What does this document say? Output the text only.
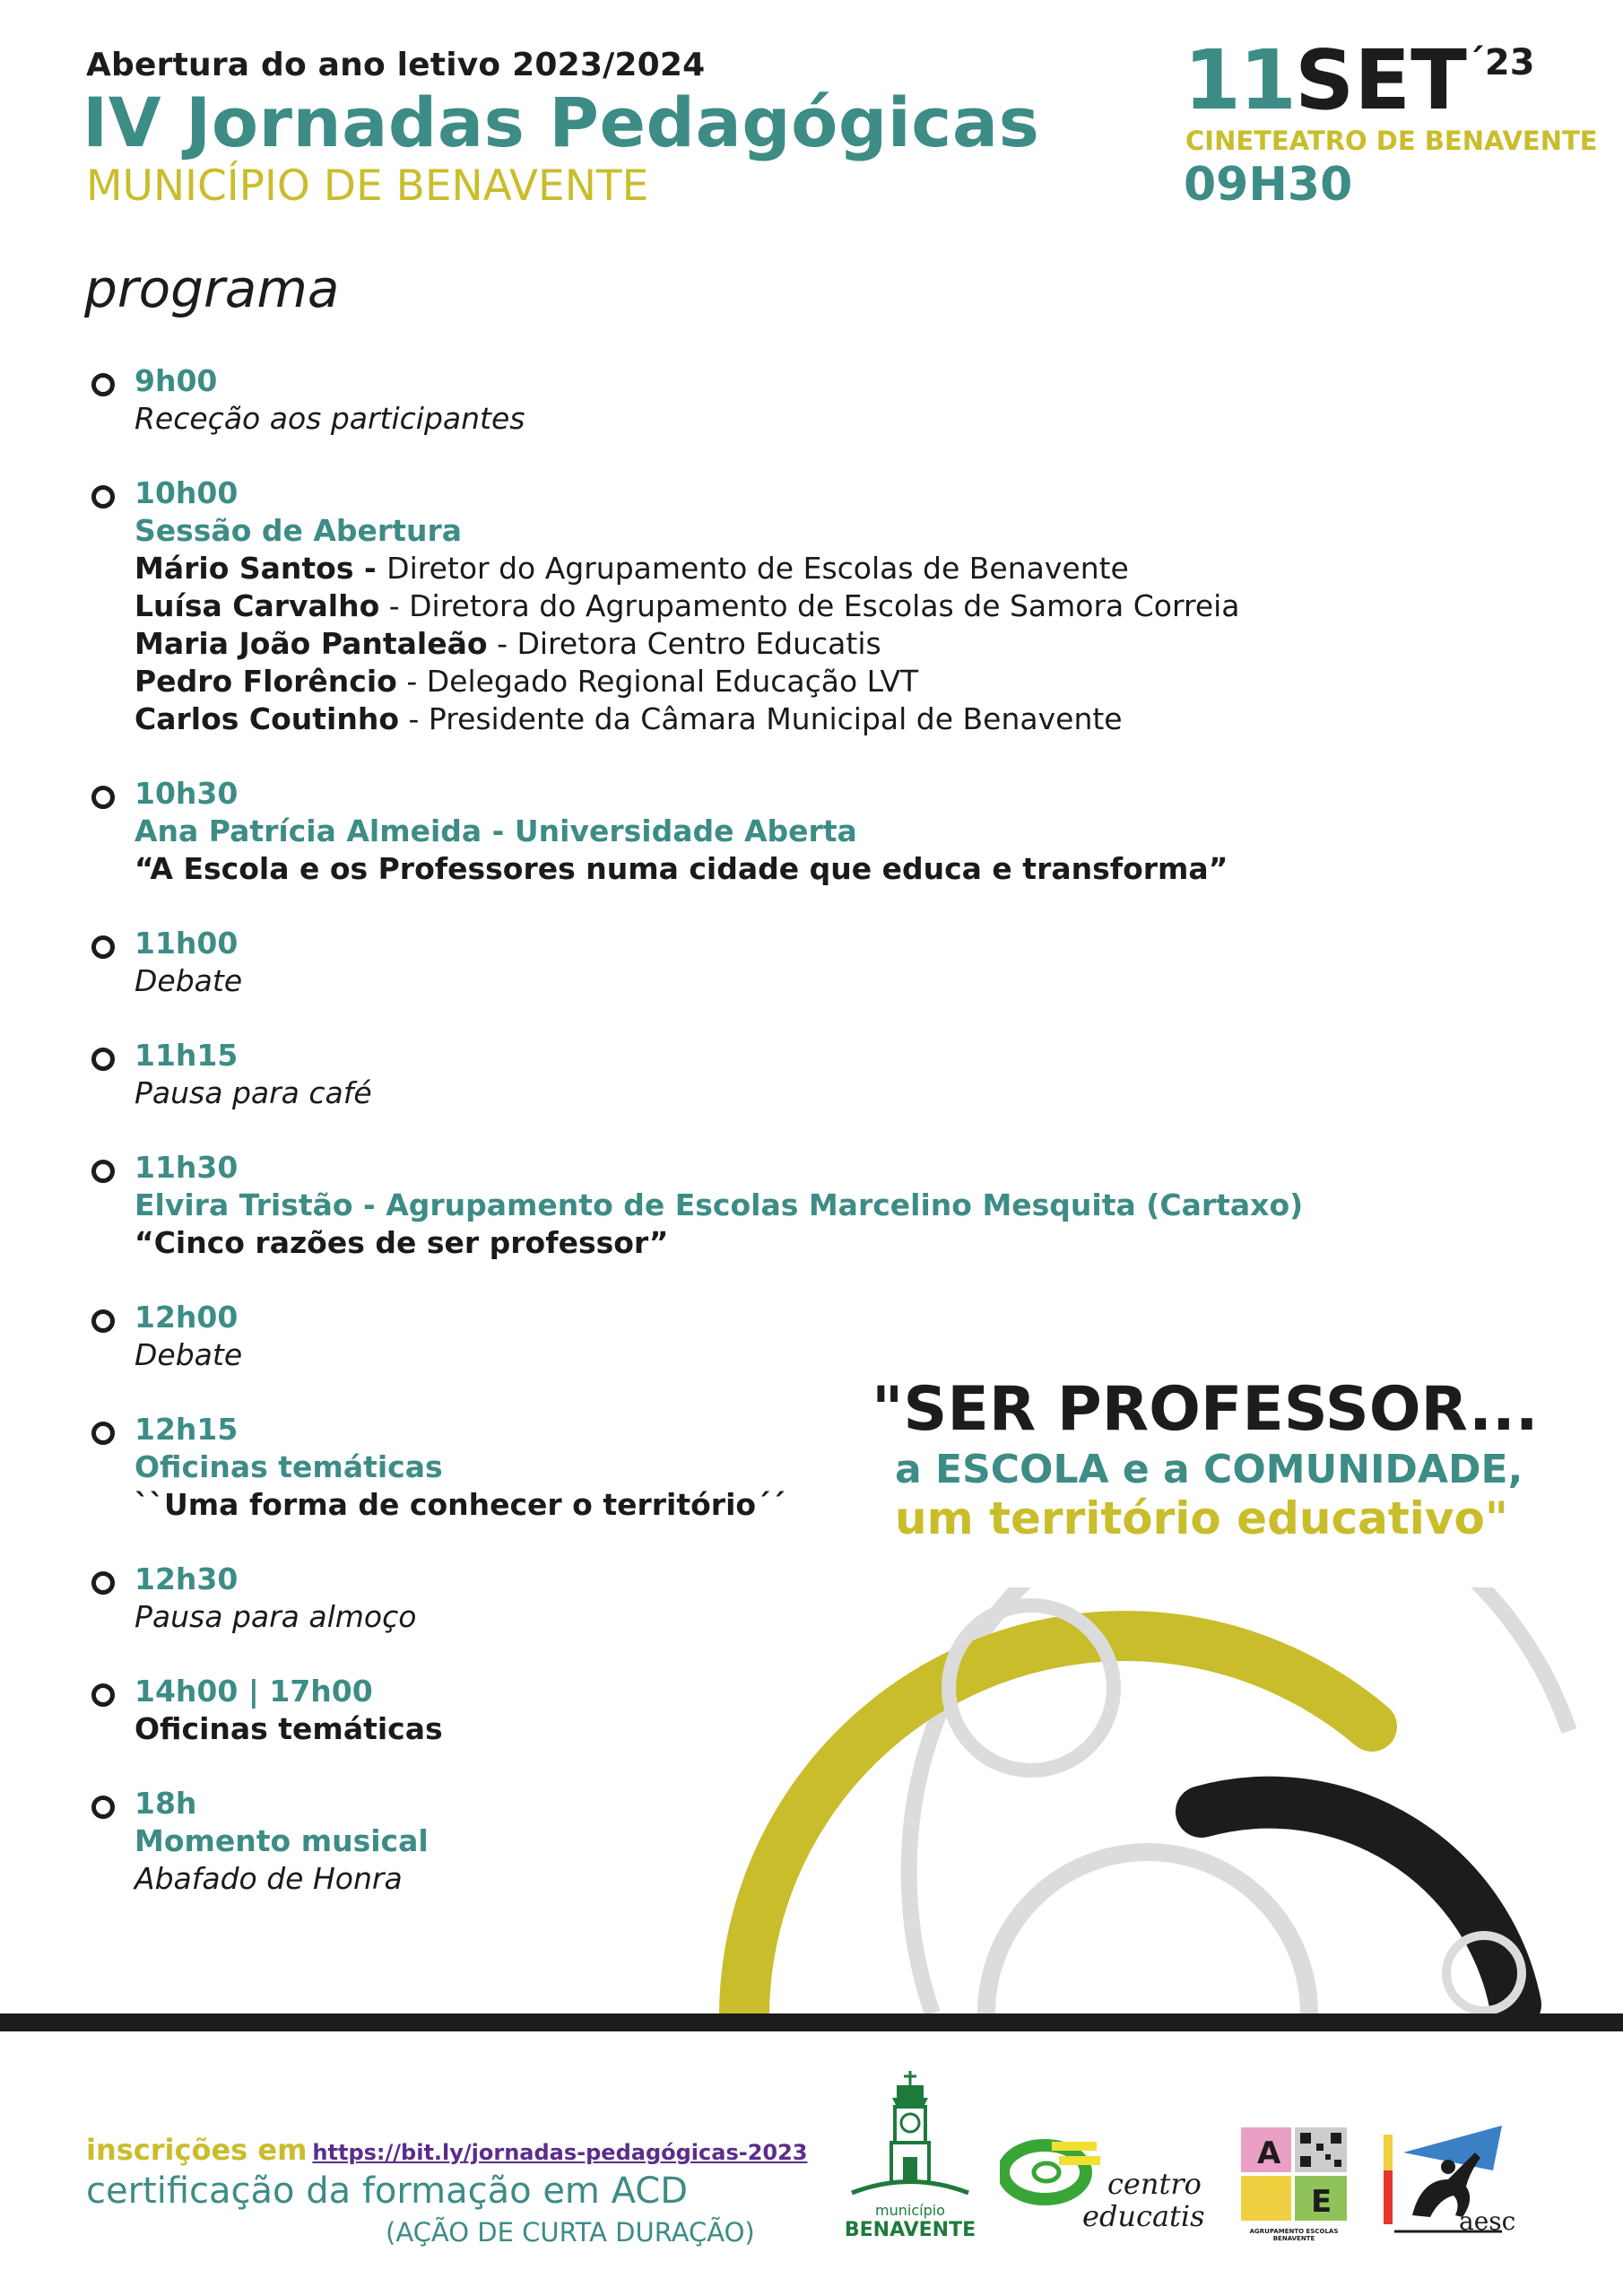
Abertura do ano letivo 2023/2024
IV Jornadas Pedagógicas
MUNICÍPIO DE BENAVENTE
11SET´23
CINETEATRO DE BENAVENTE
09H30
programa
9h00
Receção aos participantes
10h00
Sessão de Abertura
Mário Santos - Diretor do Agrupamento de Escolas de Benavente
Luísa Carvalho - Diretora do Agrupamento de Escolas de Samora Correia
Maria João Pantaleão - Diretora Centro Educatis
Pedro Florêncio - Delegado Regional Educação LVT
Carlos Coutinho - Presidente da Câmara Municipal de Benavente
10h30
Ana Patrícia Almeida - Universidade Aberta
“A Escola e os Professores numa cidade que educa e transforma”
11h00
Debate
11h15
Pausa para café
11h30
Elvira Tristão - Agrupamento de Escolas Marcelino Mesquita (Cartaxo)
“Cinco razões de ser professor”
12h00
Debate
12h15
Oficinas temáticas
``Uma forma de conhecer o território´´
12h30
Pausa para almoço
14h00 | 17h00
Oficinas temáticas
18h
Momento musical
Abafado de Honra
"SER PROFESSOR...
a ESCOLA e a COMUNIDADE,
um território educativo"
inscrições em https://bit.ly/jornadas-pedagógicas-2023
certificação da formação em ACD
(AÇÃO DE CURTA DURAÇÃO)
município
BENAVENTE
centro
educatis
A
E
AGRUPAMENTO ESCOLAS BENAVENTE
aesc
